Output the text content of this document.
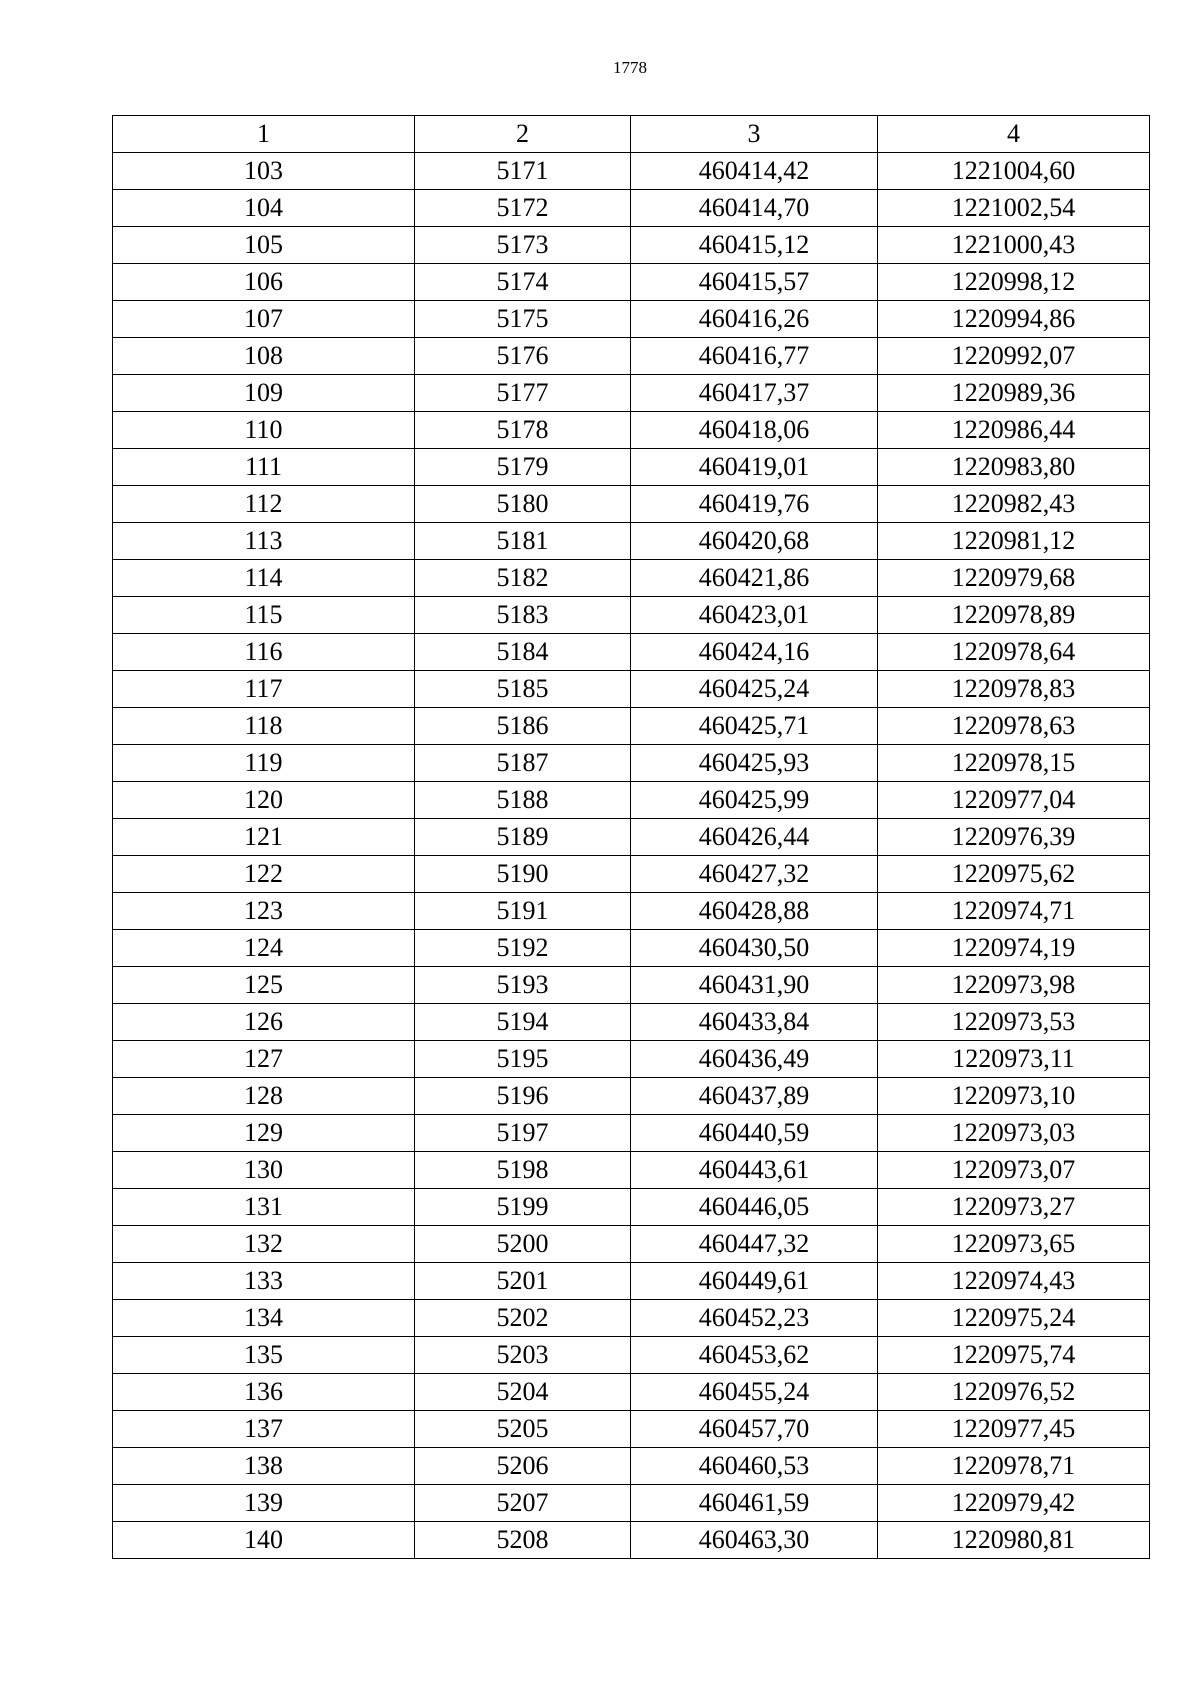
1778
1	2	3	4
103	5171	460414,42	1221004,60
104	5172	460414,70	1221002,54
105	5173	460415,12	1221000,43
106	5174	460415,57	1220998,12
107	5175	460416,26	1220994,86
108	5176	460416,77	1220992,07
109	5177	460417,37	1220989,36
110	5178	460418,06	1220986,44
111	5179	460419,01	1220983,80
112	5180	460419,76	1220982,43
113	5181	460420,68	1220981,12
114	5182	460421,86	1220979,68
115	5183	460423,01	1220978,89
116	5184	460424,16	1220978,64
117	5185	460425,24	1220978,83
118	5186	460425,71	1220978,63
119	5187	460425,93	1220978,15
120	5188	460425,99	1220977,04
121	5189	460426,44	1220976,39
122	5190	460427,32	1220975,62
123	5191	460428,88	1220974,71
124	5192	460430,50	1220974,19
125	5193	460431,90	1220973,98
126	5194	460433,84	1220973,53
127	5195	460436,49	1220973,11
128	5196	460437,89	1220973,10
129	5197	460440,59	1220973,03
130	5198	460443,61	1220973,07
131	5199	460446,05	1220973,27
132	5200	460447,32	1220973,65
133	5201	460449,61	1220974,43
134	5202	460452,23	1220975,24
135	5203	460453,62	1220975,74
136	5204	460455,24	1220976,52
137	5205	460457,70	1220977,45
138	5206	460460,53	1220978,71
139	5207	460461,59	1220979,42
140	5208	460463,30	1220980,81
